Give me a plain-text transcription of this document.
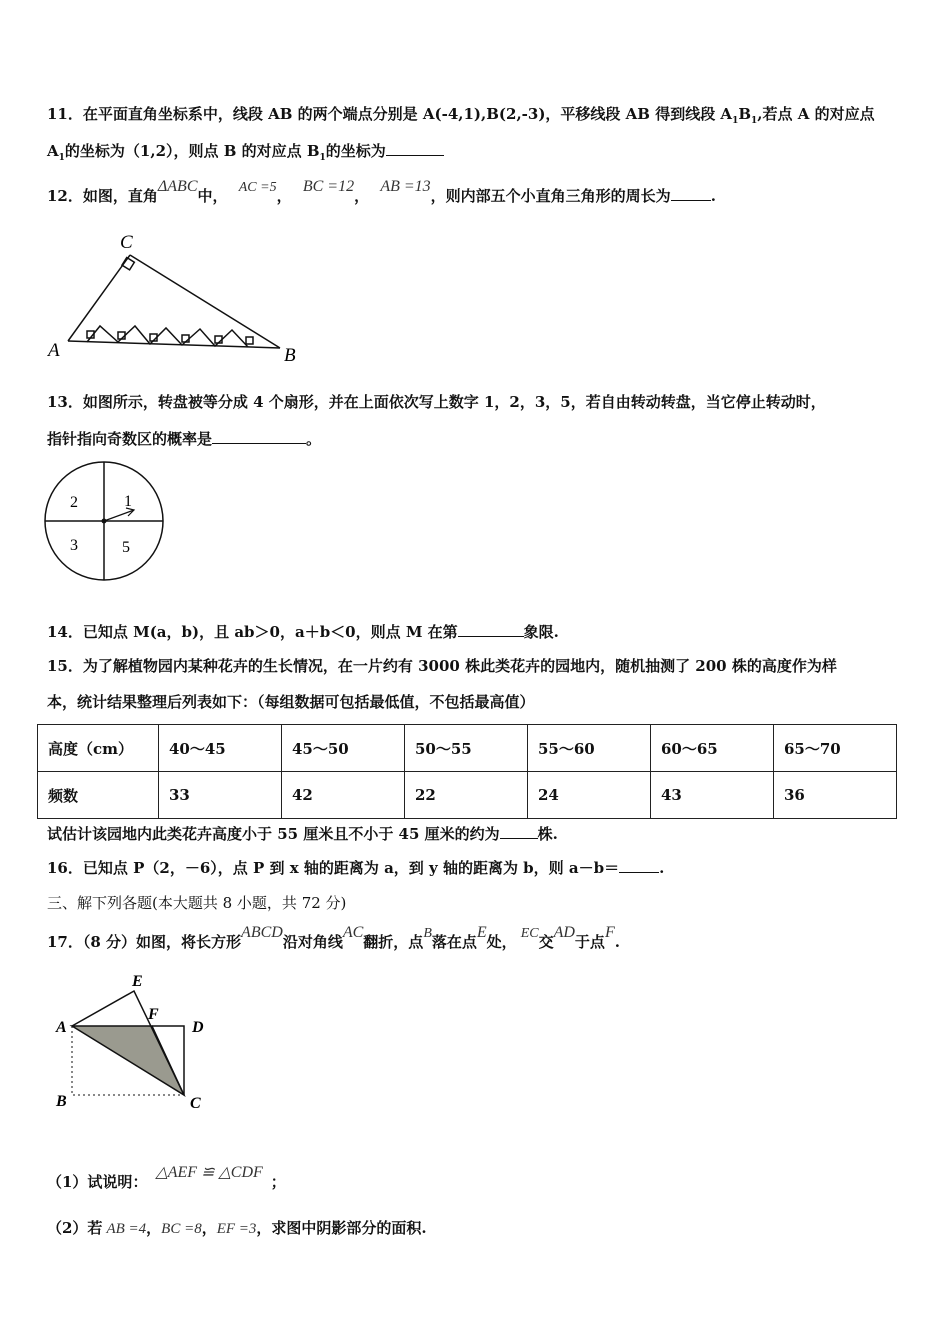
11．在平面直角坐标系中，线段 AB 的两个端点分别是 A(-4,1),B(2,-3)，平移线段 AB 得到线段 $A_1B_1$,若点 A 的对应点
$A_1$的坐标为（1,2），则点 B 的对应点 $B_1$的坐标为
12．如图，直角ΔABC中， AC =5， BC =12， AB =13，则内部五个小直角三角形的周长为	.
A	B
C
13．如图所示，转盘被等分成 4 个扇形，并在上面依次写上数字 1，2，3，5，若自由转动转盘，当它停止转动时，
指针指向奇数区的概率是	。
2	1
3	5
14．已知点 M(a，b)，且 ab＞0，a＋b＜0，则点 M 在第	象限.
15．为了解植物园内某种花卉的生长情况，在一片约有 3000 株此类花卉的园地内，随机抽测了 200 株的高度作为样
本，统计结果整理后列表如下：（每组数据可包括最低值，不包括最高值）
高度（cm）	40～45	45～50	50～55	55～60	60～65	65～70
频数	33	42	22	24	43	36
试估计该园地内此类花卉高度小于 55 厘米且不小于 45 厘米的约为	株.
16．已知点 P（2，－6），点 P 到 x 轴的距离为 a，到 y 轴的距离为 b，则 a－b＝	.
三、解下列各题(本大题共 8 小题，共 72 分)
17．（8 分）如图，将长方形ABCD沿对角线AC翻折，点B落在点E处， EC交AD于点F.
A
B	C
D
E
F
（1）试说明：△AEF ≌ △CDF；
（2）若 AB =4，BC =8，EF =3，求图中阴影部分的面积.
